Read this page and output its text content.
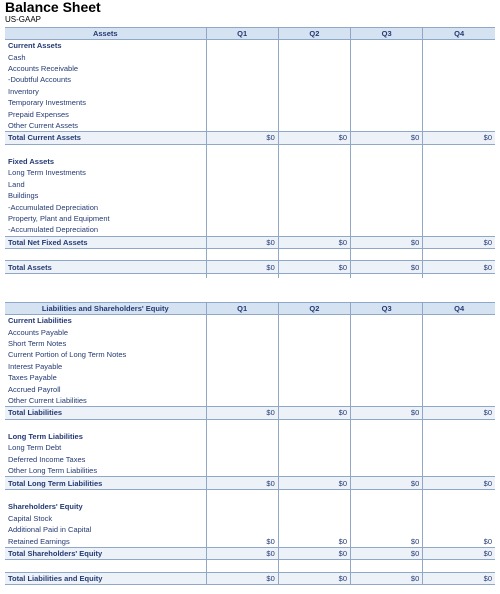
Balance Sheet
US-GAAP
Assets	Q1	Q2	Q3	Q4
Current Assets				
Cash				
Accounts Receivable				
-Doubtful Accounts				
Inventory				
Temporary Investments				
Prepaid Expenses				
Other Current Assets				
Total Current Assets	$0	$0	$0	$0

Fixed Assets				
Long Term Investments				
Land				
Buildings				
-Accumulated Depreciation				
Property, Plant and Equipment				
-Accumulated Depreciation				
Total Net Fixed Assets	$0	$0	$0	$0

Total Assets	$0	$0	$0	$0

Liabilities and Shareholders' Equity	Q1	Q2	Q3	Q4
Current Liabilities				
Accounts Payable				
Short Term Notes				
Current Portion of Long Term Notes				
Interest Payable				
Taxes Payable				
Accrued Payroll				
Other Current Liabilities				
Total Liabilities	$0	$0	$0	$0

Long Term Liabilities				
Long Term Debt				
Deferred Income Taxes				
Other Long Term Liabilities				
Total Long Term Liabilities	$0	$0	$0	$0

Shareholders' Equity				
Capital Stock				
Additional Paid in Capital				
Retained Earnings	$0	$0	$0	$0
Total Shareholders' Equity	$0	$0	$0	$0

Total Liabilities and Equity	$0	$0	$0	$0
